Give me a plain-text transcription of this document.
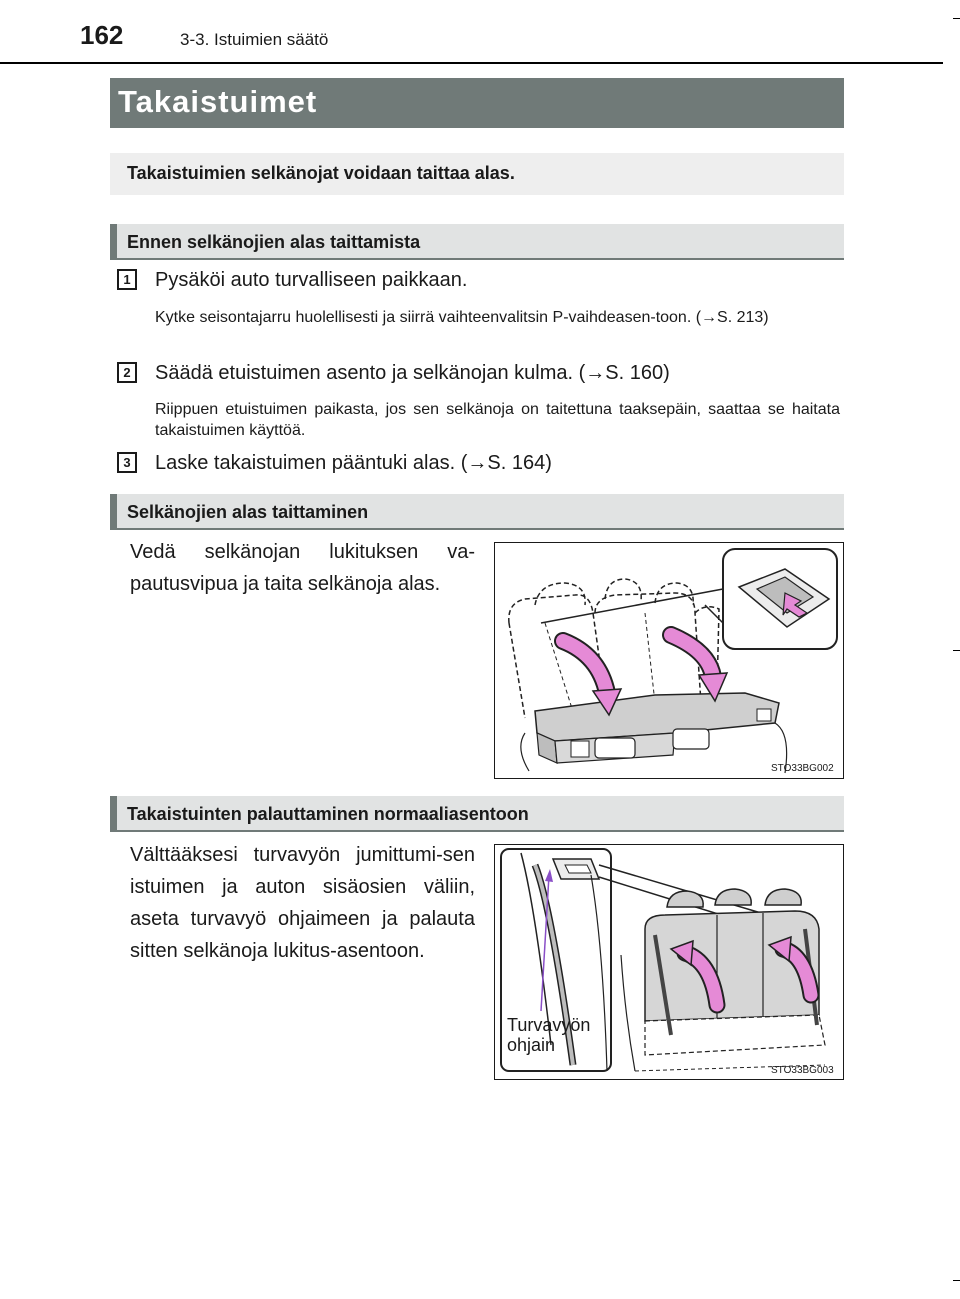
162	3-3. Istuimien säätö
Takaistuimet
Takaistuimien selkänojat voidaan taittaa alas.
Ennen selkänojien alas taittamista
1	Pysäköi auto turvalliseen paikkaan.
Kytke seisontajarru huolellisesti ja siirrä vaihteenvalitsin P-vaihdeasen-toon. (→S. 213)
2	Säädä etuistuimen asento ja selkänojan kulma. (→S. 160)
Riippuen etuistuimen paikasta, jos sen selkänoja on taitettuna taaksepäin, saattaa se haitata takaistuimen käyttöä.
3	Laske takaistuimen pääntuki alas. (→S. 164)
Selkänojien alas taittaminen
Vedä selkänojan lukituksen va-pautusvipua ja taita selkänoja alas.
STO33BG002
Takaistuinten palauttaminen normaaliasentoon
Välttääksesi turvavyön jumittumi-sen istuimen ja auton sisäosien väliin, aseta turvavyö ohjaimeen ja palauta sitten selkänoja lukitus-asentoon.
Turvavyön
ohjain
STO33BG003
